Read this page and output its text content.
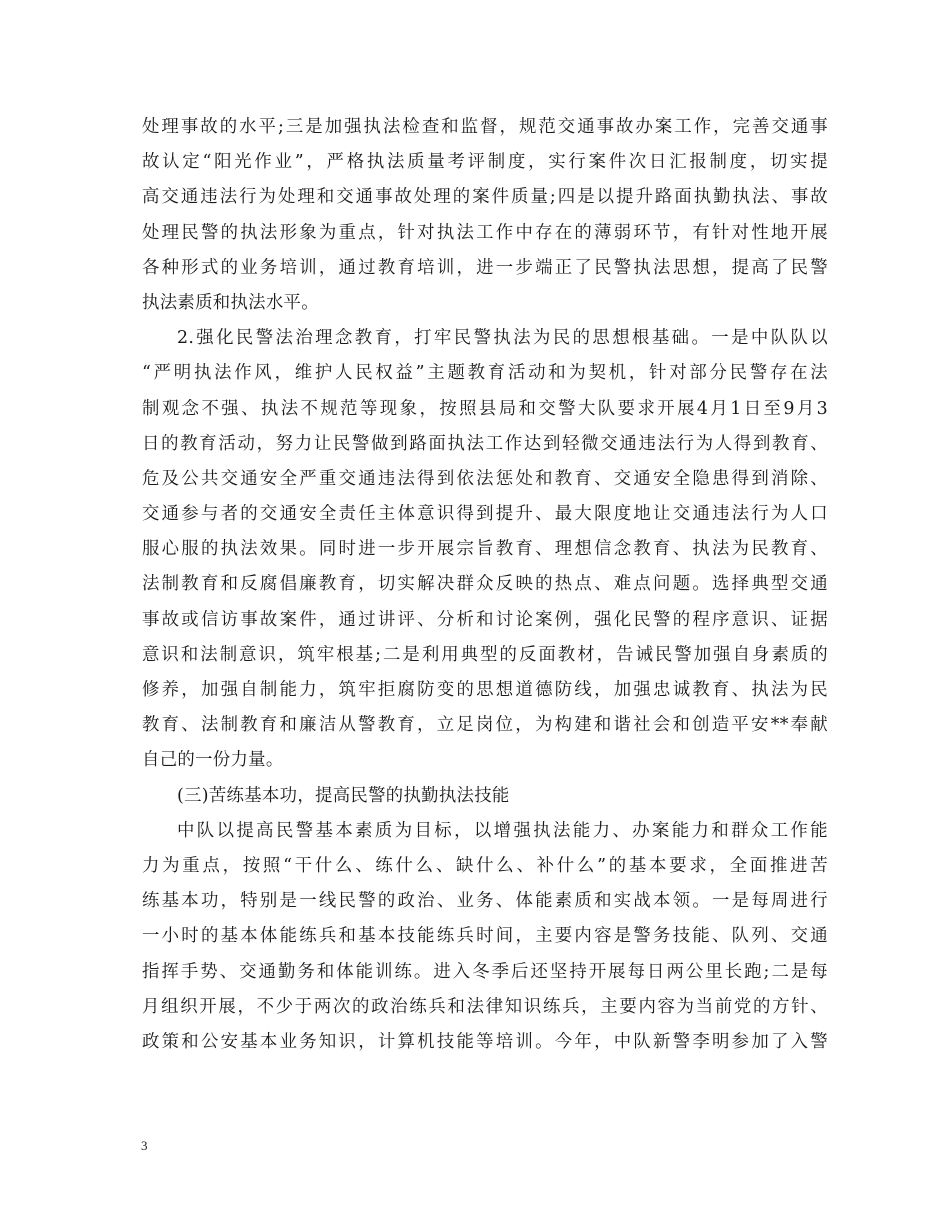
处理事故的水平;三是加强执法检查和监督，规范交通事故办案工作，完善交通事
故认定“阳光作业”，严格执法质量考评制度，实行案件次日汇报制度，切实提
高交通违法行为处理和交通事故处理的案件质量;四是以提升路面执勤执法、事故
处理民警的执法形象为重点，针对执法工作中存在的薄弱环节，有针对性地开展
各种形式的业务培训，通过教育培训，进一步端正了民警执法思想，提高了民警
执法素质和执法水平。
2.强化民警法治理念教育，打牢民警执法为民的思想根基础。一是中队队以
“严明执法作风，维护人民权益”主题教育活动和为契机，针对部分民警存在法
制观念不强、执法不规范等现象，按照县局和交警大队要求开展4月1日至9月3
日的教育活动，努力让民警做到路面执法工作达到轻微交通违法行为人得到教育、
危及公共交通安全严重交通违法得到依法惩处和教育、交通安全隐患得到消除、
交通参与者的交通安全责任主体意识得到提升、最大限度地让交通违法行为人口
服心服的执法效果。同时进一步开展宗旨教育、理想信念教育、执法为民教育、
法制教育和反腐倡廉教育，切实解决群众反映的热点、难点问题。选择典型交通
事故或信访事故案件，通过讲评、分析和讨论案例，强化民警的程序意识、证据
意识和法制意识，筑牢根基;二是利用典型的反面教材，告诫民警加强自身素质的
修养，加强自制能力，筑牢拒腐防变的思想道德防线，加强忠诚教育、执法为民
教育、法制教育和廉洁从警教育，立足岗位，为构建和谐社会和创造平安**奉献
自己的一份力量。
(三)苦练基本功，提高民警的执勤执法技能
中队以提高民警基本素质为目标，以增强执法能力、办案能力和群众工作能
力为重点，按照“干什么、练什么、缺什么、补什么”的基本要求，全面推进苦
练基本功，特别是一线民警的政治、业务、体能素质和实战本领。一是每周进行
一小时的基本体能练兵和基本技能练兵时间，主要内容是警务技能、队列、交通
指挥手势、交通勤务和体能训练。进入冬季后还坚持开展每日两公里长跑;二是每
月组织开展，不少于两次的政治练兵和法律知识练兵，主要内容为当前党的方针、
政策和公安基本业务知识，计算机技能等培训。今年，中队新警李明参加了入警
3
